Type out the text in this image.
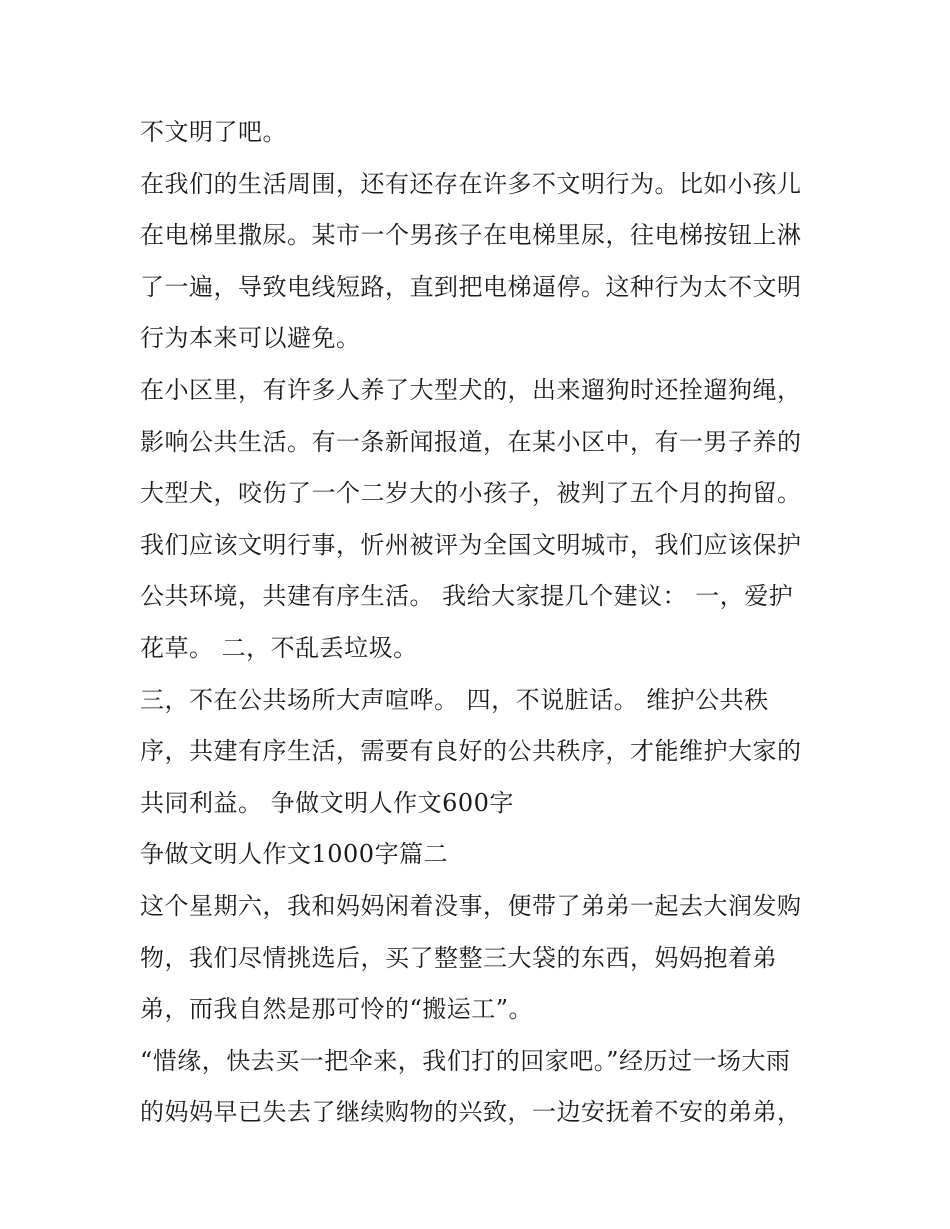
不文明了吧。
在我们的生活周围，还有还存在许多不文明行为。比如小孩儿
在电梯里撒尿。某市一个男孩子在电梯里尿，往电梯按钮上淋
了一遍，导致电线短路，直到把电梯逼停。这种行为太不文明
行为本来可以避免。
在小区里，有许多人养了大型犬的，出来遛狗时还拴遛狗绳，
影响公共生活。有一条新闻报道，在某小区中，有一男子养的
大型犬，咬伤了一个二岁大的小孩子，被判了五个月的拘留。
我们应该文明行事，忻州被评为全国文明城市，我们应该保护
公共环境，共建有序生活。 我给大家提几个建议： 一，爱护
花草。 二，不乱丢垃圾。
三，不在公共场所大声喧哗。 四，不说脏话。 维护公共秩
序，共建有序生活，需要有良好的公共秩序，才能维护大家的
共同利益。 争做文明人作文600字
争做文明人作文1000字篇二
这个星期六，我和妈妈闲着没事，便带了弟弟一起去大润发购
物，我们尽情挑选后，买了整整三大袋的东西，妈妈抱着弟
弟，而我自然是那可怜的“搬运工”。
“惜缘，快去买一把伞来，我们打的回家吧。”经历过一场大雨
的妈妈早已失去了继续购物的兴致，一边安抚着不安的弟弟，
